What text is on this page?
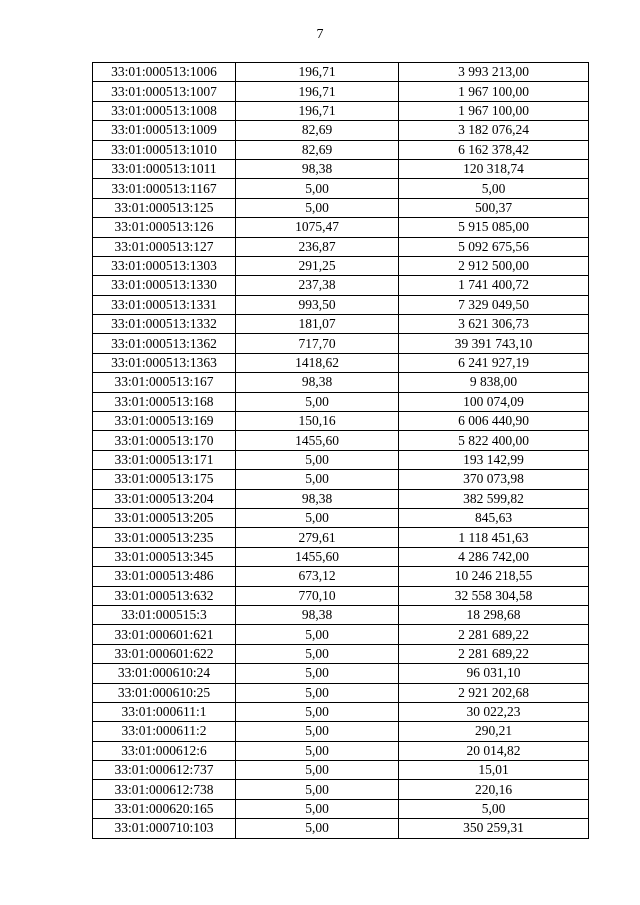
7
33:01:000513:1006	196,71	3 993 213,00
33:01:000513:1007	196,71	1 967 100,00
33:01:000513:1008	196,71	1 967 100,00
33:01:000513:1009	82,69	3 182 076,24
33:01:000513:1010	82,69	6 162 378,42
33:01:000513:1011	98,38	120 318,74
33:01:000513:1167	5,00	5,00
33:01:000513:125	5,00	500,37
33:01:000513:126	1075,47	5 915 085,00
33:01:000513:127	236,87	5 092 675,56
33:01:000513:1303	291,25	2 912 500,00
33:01:000513:1330	237,38	1 741 400,72
33:01:000513:1331	993,50	7 329 049,50
33:01:000513:1332	181,07	3 621 306,73
33:01:000513:1362	717,70	39 391 743,10
33:01:000513:1363	1418,62	6 241 927,19
33:01:000513:167	98,38	9 838,00
33:01:000513:168	5,00	100 074,09
33:01:000513:169	150,16	6 006 440,90
33:01:000513:170	1455,60	5 822 400,00
33:01:000513:171	5,00	193 142,99
33:01:000513:175	5,00	370 073,98
33:01:000513:204	98,38	382 599,82
33:01:000513:205	5,00	845,63
33:01:000513:235	279,61	1 118 451,63
33:01:000513:345	1455,60	4 286 742,00
33:01:000513:486	673,12	10 246 218,55
33:01:000513:632	770,10	32 558 304,58
33:01:000515:3	98,38	18 298,68
33:01:000601:621	5,00	2 281 689,22
33:01:000601:622	5,00	2 281 689,22
33:01:000610:24	5,00	96 031,10
33:01:000610:25	5,00	2 921 202,68
33:01:000611:1	5,00	30 022,23
33:01:000611:2	5,00	290,21
33:01:000612:6	5,00	20 014,82
33:01:000612:737	5,00	15,01
33:01:000612:738	5,00	220,16
33:01:000620:165	5,00	5,00
33:01:000710:103	5,00	350 259,31
